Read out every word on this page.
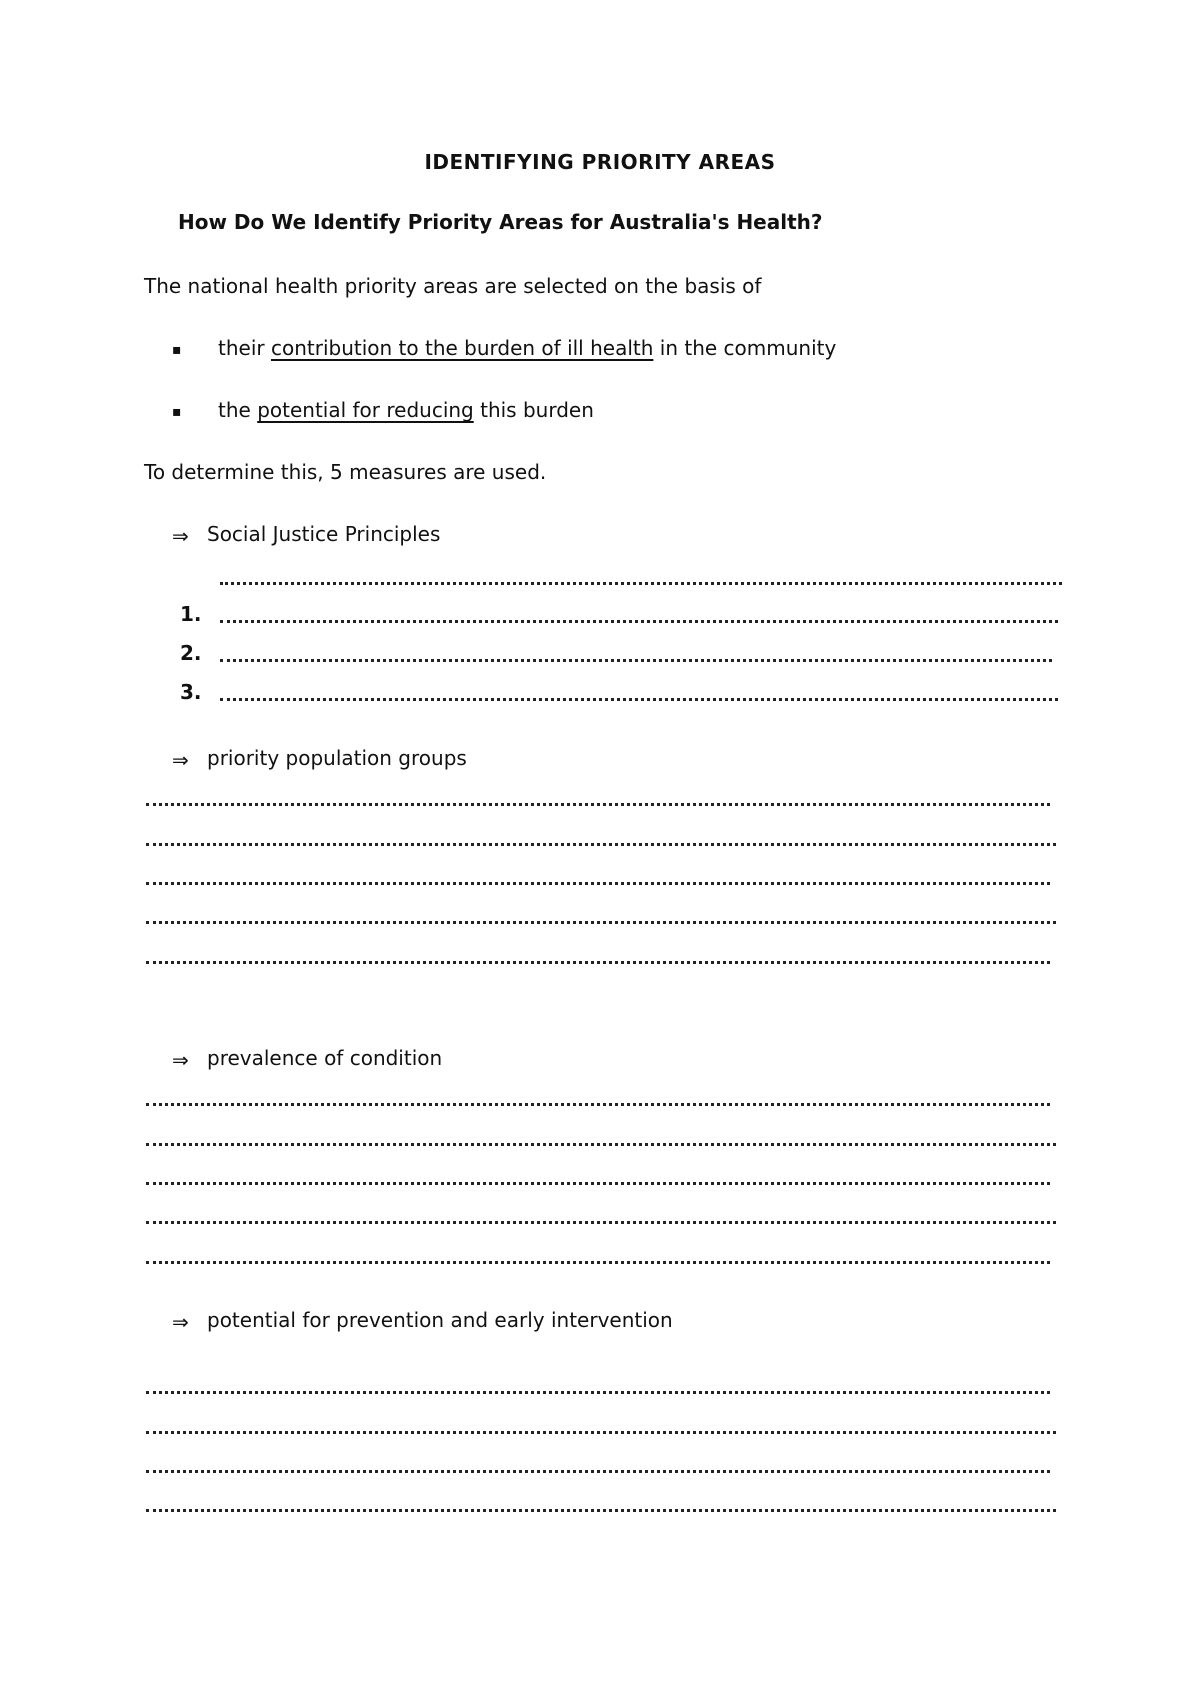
IDENTIFYING PRIORITY AREAS
How Do We Identify Priority Areas for Australia's Health?
The national health priority areas are selected on the basis of
▪ their contribution to the burden of ill health in the community
▪ the potential for reducing this burden
To determine this, 5 measures are used.
⇒ Social Justice Principles
1.
2.
3.
⇒ priority population groups
⇒ prevalence of condition
⇒ potential for prevention and early intervention
